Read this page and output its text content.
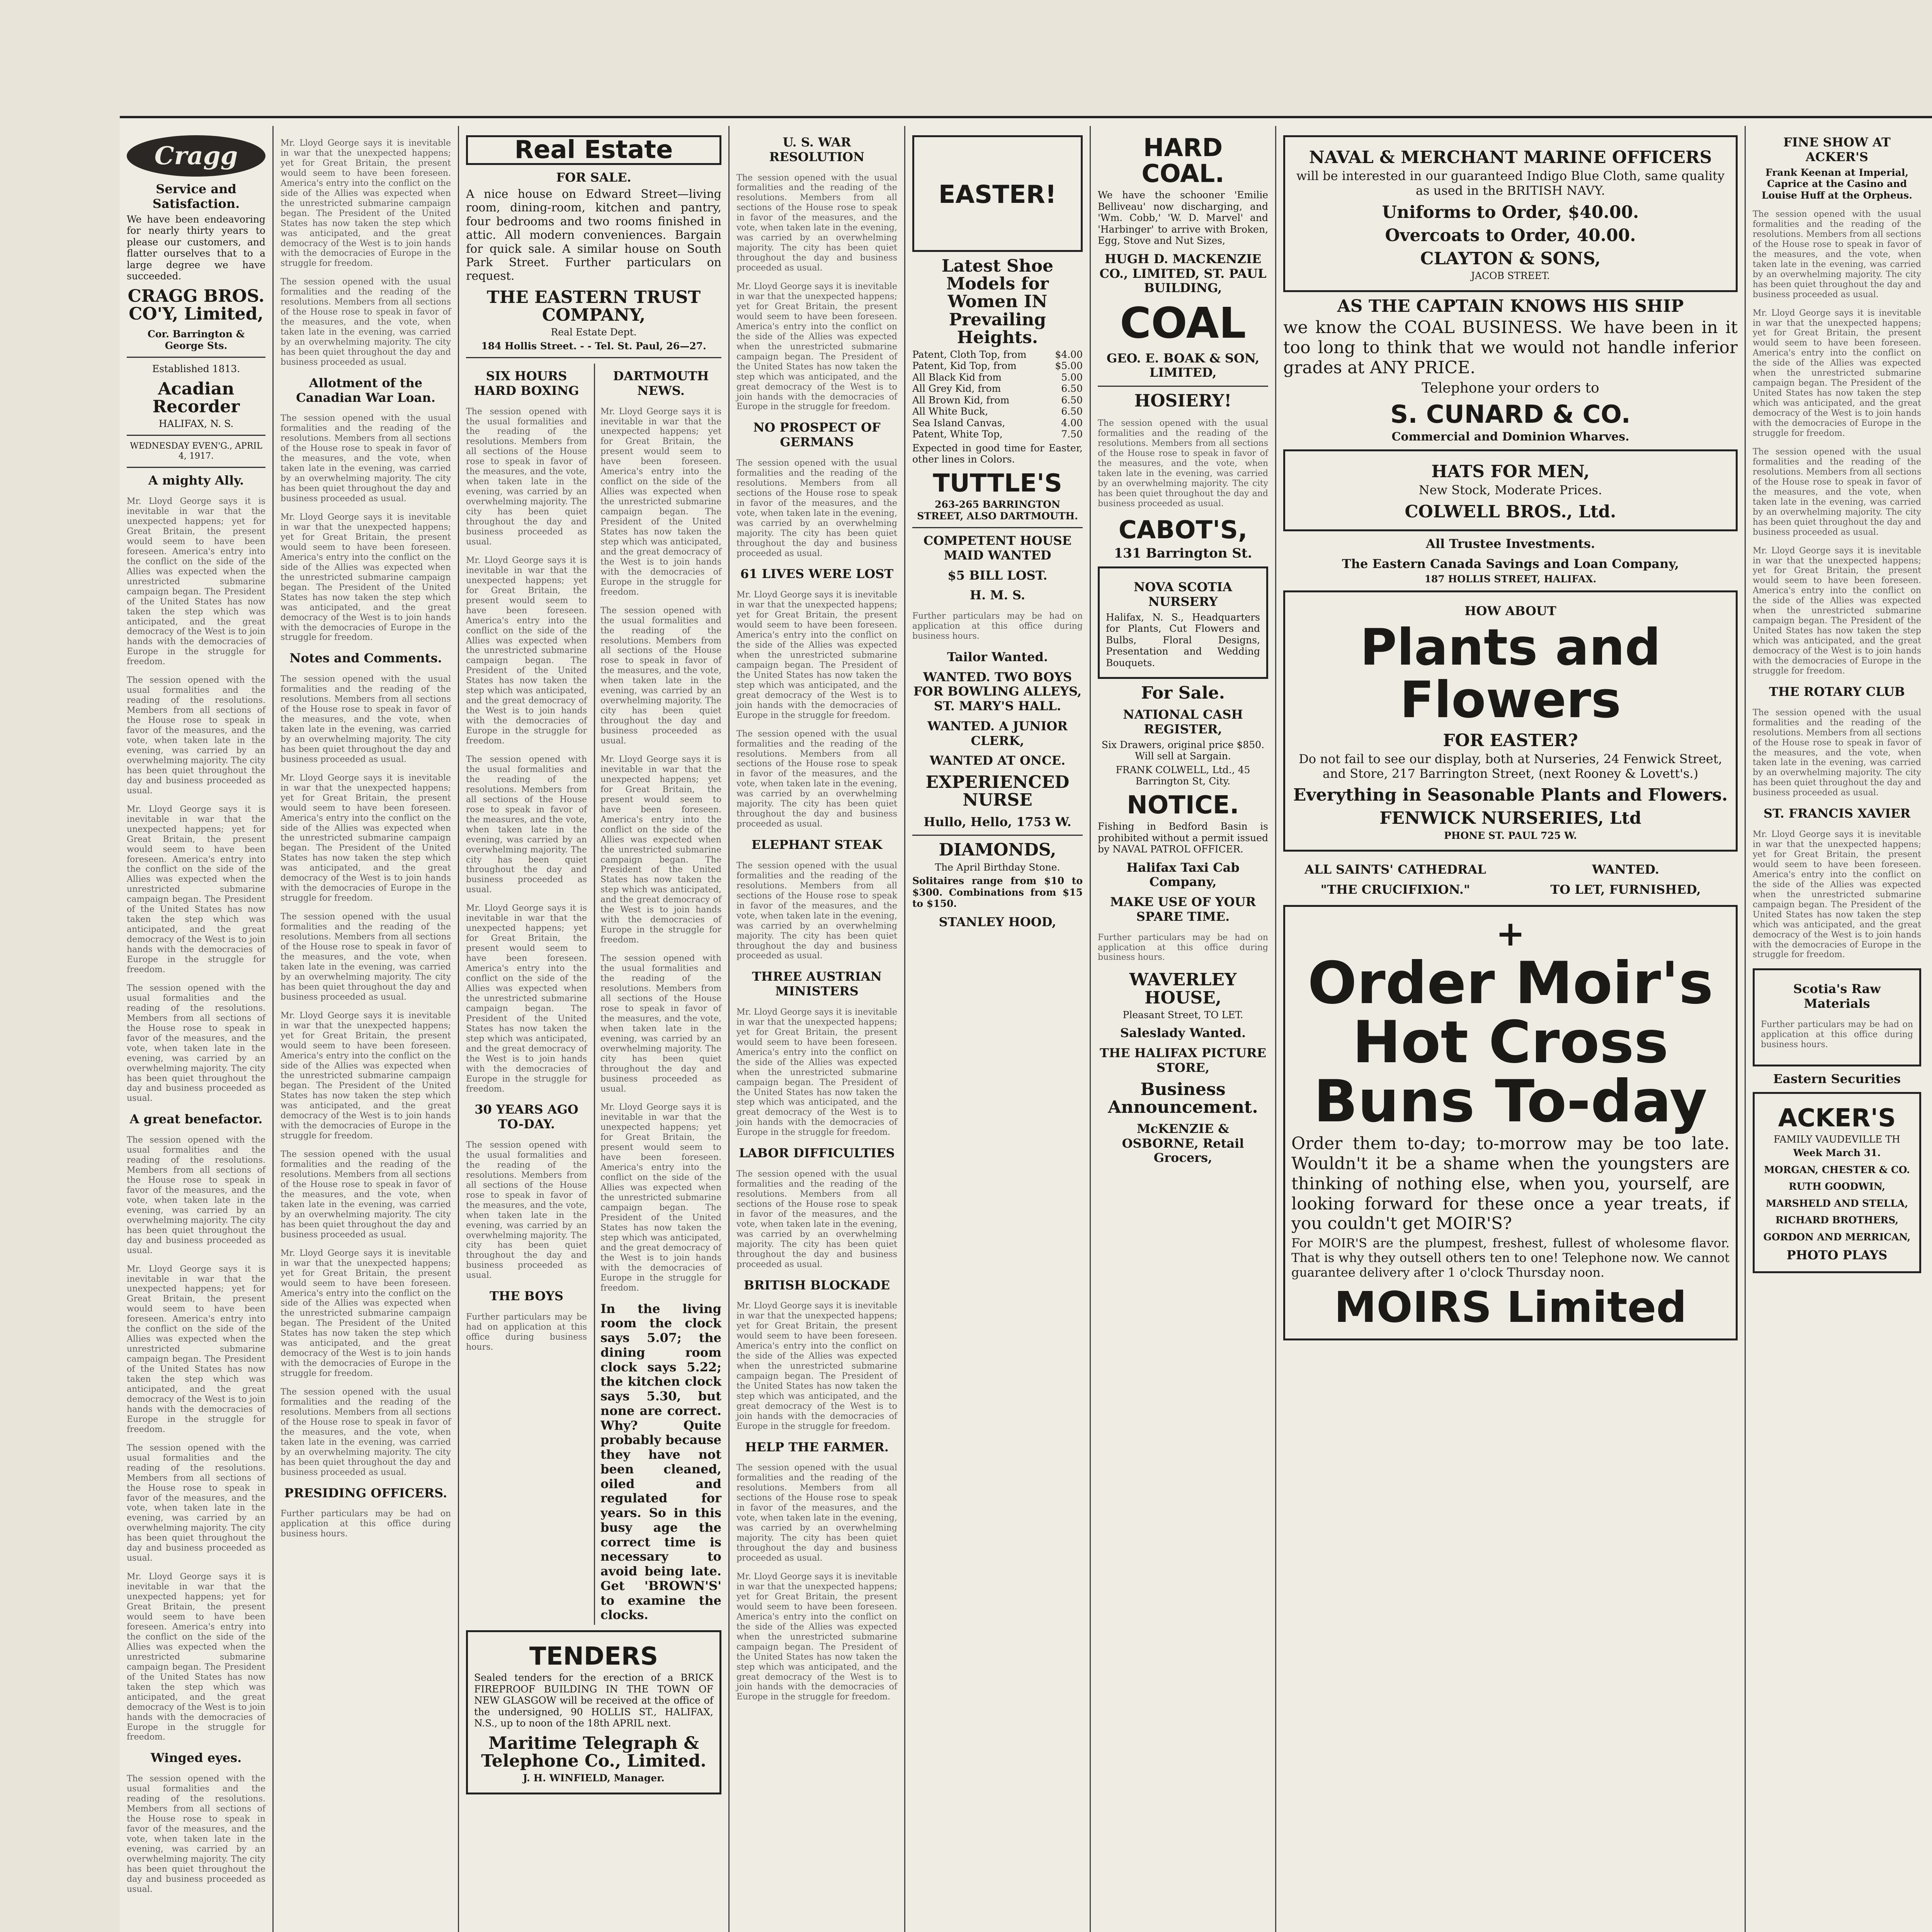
Cragg
Service and Satisfaction.

We have been endeavoring for nearly thirty years to please our customers, and flatter ourselves that to a large degree we have succeeded.

CRAGG BROS. CO'Y, Limited,
Cor. Barrington & George Sts.
Established 1813.
Acadian Recorder
HALIFAX, N. S.
WEDNESDAY EVEN'G., APRIL 4, 1917.
A mighty Ally.

Mr. Lloyd George says it is inevitable in war that the unexpected happens; yet for Great Britain, the present would seem to have been foreseen. America's entry into the conflict on the side of the Allies was expected when the unrestricted submarine campaign began. The President of the United States has now taken the step which was anticipated, and the great democracy of the West is to join hands with the democracies of Europe in the struggle for freedom.

The session opened with the usual formalities and the reading of the resolutions. Members from all sections of the House rose to speak in favor of the measures, and the vote, when taken late in the evening, was carried by an overwhelming majority. The city has been quiet throughout the day and business proceeded as usual.

Mr. Lloyd George says it is inevitable in war that the unexpected happens; yet for Great Britain, the present would seem to have been foreseen. America's entry into the conflict on the side of the Allies was expected when the unrestricted submarine campaign began. The President of the United States has now taken the step which was anticipated, and the great democracy of the West is to join hands with the democracies of Europe in the struggle for freedom.

The session opened with the usual formalities and the reading of the resolutions. Members from all sections of the House rose to speak in favor of the measures, and the vote, when taken late in the evening, was carried by an overwhelming majority. The city has been quiet throughout the day and business proceeded as usual.

A great benefactor.

The session opened with the usual formalities and the reading of the resolutions. Members from all sections of the House rose to speak in favor of the measures, and the vote, when taken late in the evening, was carried by an overwhelming majority. The city has been quiet throughout the day and business proceeded as usual.

Mr. Lloyd George says it is inevitable in war that the unexpected happens; yet for Great Britain, the present would seem to have been foreseen. America's entry into the conflict on the side of the Allies was expected when the unrestricted submarine campaign began. The President of the United States has now taken the step which was anticipated, and the great democracy of the West is to join hands with the democracies of Europe in the struggle for freedom.

The session opened with the usual formalities and the reading of the resolutions. Members from all sections of the House rose to speak in favor of the measures, and the vote, when taken late in the evening, was carried by an overwhelming majority. The city has been quiet throughout the day and business proceeded as usual.

Mr. Lloyd George says it is inevitable in war that the unexpected happens; yet for Great Britain, the present would seem to have been foreseen. America's entry into the conflict on the side of the Allies was expected when the unrestricted submarine campaign began. The President of the United States has now taken the step which was anticipated, and the great democracy of the West is to join hands with the democracies of Europe in the struggle for freedom.

Winged eyes.

The session opened with the usual formalities and the reading of the resolutions. Members from all sections of the House rose to speak in favor of the measures, and the vote, when taken late in the evening, was carried by an overwhelming majority. The city has been quiet throughout the day and business proceeded as usual.

Mr. Lloyd George says it is inevitable in war that the unexpected happens; yet for Great Britain, the present would seem to have been foreseen. America's entry into the conflict on the side of the Allies was expected when the unrestricted submarine campaign began. The President of the United States has now taken the step which was anticipated, and the great democracy of the West is to join hands with the democracies of Europe in the struggle for freedom.

The session opened with the usual formalities and the reading of the resolutions. Members from all sections of the House rose to speak in favor of the measures, and the vote, when taken late in the evening, was carried by an overwhelming majority. The city has been quiet throughout the day and business proceeded as usual.

Allotment of the Canadian War Loan.

The session opened with the usual formalities and the reading of the resolutions. Members from all sections of the House rose to speak in favor of the measures, and the vote, when taken late in the evening, was carried by an overwhelming majority. The city has been quiet throughout the day and business proceeded as usual.

Mr. Lloyd George says it is inevitable in war that the unexpected happens; yet for Great Britain, the present would seem to have been foreseen. America's entry into the conflict on the side of the Allies was expected when the unrestricted submarine campaign began. The President of the United States has now taken the step which was anticipated, and the great democracy of the West is to join hands with the democracies of Europe in the struggle for freedom.

Notes and Comments.

The session opened with the usual formalities and the reading of the resolutions. Members from all sections of the House rose to speak in favor of the measures, and the vote, when taken late in the evening, was carried by an overwhelming majority. The city has been quiet throughout the day and business proceeded as usual.

Mr. Lloyd George says it is inevitable in war that the unexpected happens; yet for Great Britain, the present would seem to have been foreseen. America's entry into the conflict on the side of the Allies was expected when the unrestricted submarine campaign began. The President of the United States has now taken the step which was anticipated, and the great democracy of the West is to join hands with the democracies of Europe in the struggle for freedom.

The session opened with the usual formalities and the reading of the resolutions. Members from all sections of the House rose to speak in favor of the measures, and the vote, when taken late in the evening, was carried by an overwhelming majority. The city has been quiet throughout the day and business proceeded as usual.

Mr. Lloyd George says it is inevitable in war that the unexpected happens; yet for Great Britain, the present would seem to have been foreseen. America's entry into the conflict on the side of the Allies was expected when the unrestricted submarine campaign began. The President of the United States has now taken the step which was anticipated, and the great democracy of the West is to join hands with the democracies of Europe in the struggle for freedom.

The session opened with the usual formalities and the reading of the resolutions. Members from all sections of the House rose to speak in favor of the measures, and the vote, when taken late in the evening, was carried by an overwhelming majority. The city has been quiet throughout the day and business proceeded as usual.

Mr. Lloyd George says it is inevitable in war that the unexpected happens; yet for Great Britain, the present would seem to have been foreseen. America's entry into the conflict on the side of the Allies was expected when the unrestricted submarine campaign began. The President of the United States has now taken the step which was anticipated, and the great democracy of the West is to join hands with the democracies of Europe in the struggle for freedom.

The session opened with the usual formalities and the reading of the resolutions. Members from all sections of the House rose to speak in favor of the measures, and the vote, when taken late in the evening, was carried by an overwhelming majority. The city has been quiet throughout the day and business proceeded as usual.

PRESIDING OFFICERS.

Further particulars may be had on application at this office during business hours.

Real Estate
FOR SALE.

A nice house on Edward Street—living room, dining-room, kitchen and pantry, four bedrooms and two rooms finished in attic. All modern conveniences. Bargain for quick sale. A similar house on South Park Street. Further particulars on request.

THE EASTERN TRUST COMPANY,
Real Estate Dept.
184 Hollis Street. - - Tel. St. Paul, 26—27.
SIX HOURS HARD BOXING

The session opened with the usual formalities and the reading of the resolutions. Members from all sections of the House rose to speak in favor of the measures, and the vote, when taken late in the evening, was carried by an overwhelming majority. The city has been quiet throughout the day and business proceeded as usual.

Mr. Lloyd George says it is inevitable in war that the unexpected happens; yet for Great Britain, the present would seem to have been foreseen. America's entry into the conflict on the side of the Allies was expected when the unrestricted submarine campaign began. The President of the United States has now taken the step which was anticipated, and the great democracy of the West is to join hands with the democracies of Europe in the struggle for freedom.

The session opened with the usual formalities and the reading of the resolutions. Members from all sections of the House rose to speak in favor of the measures, and the vote, when taken late in the evening, was carried by an overwhelming majority. The city has been quiet throughout the day and business proceeded as usual.

Mr. Lloyd George says it is inevitable in war that the unexpected happens; yet for Great Britain, the present would seem to have been foreseen. America's entry into the conflict on the side of the Allies was expected when the unrestricted submarine campaign began. The President of the United States has now taken the step which was anticipated, and the great democracy of the West is to join hands with the democracies of Europe in the struggle for freedom.

30 YEARS AGO TO-DAY.

The session opened with the usual formalities and the reading of the resolutions. Members from all sections of the House rose to speak in favor of the measures, and the vote, when taken late in the evening, was carried by an overwhelming majority. The city has been quiet throughout the day and business proceeded as usual.

THE BOYS

Further particulars may be had on application at this office during business hours.

DARTMOUTH NEWS.

Mr. Lloyd George says it is inevitable in war that the unexpected happens; yet for Great Britain, the present would seem to have been foreseen. America's entry into the conflict on the side of the Allies was expected when the unrestricted submarine campaign began. The President of the United States has now taken the step which was anticipated, and the great democracy of the West is to join hands with the democracies of Europe in the struggle for freedom.

The session opened with the usual formalities and the reading of the resolutions. Members from all sections of the House rose to speak in favor of the measures, and the vote, when taken late in the evening, was carried by an overwhelming majority. The city has been quiet throughout the day and business proceeded as usual.

Mr. Lloyd George says it is inevitable in war that the unexpected happens; yet for Great Britain, the present would seem to have been foreseen. America's entry into the conflict on the side of the Allies was expected when the unrestricted submarine campaign began. The President of the United States has now taken the step which was anticipated, and the great democracy of the West is to join hands with the democracies of Europe in the struggle for freedom.

The session opened with the usual formalities and the reading of the resolutions. Members from all sections of the House rose to speak in favor of the measures, and the vote, when taken late in the evening, was carried by an overwhelming majority. The city has been quiet throughout the day and business proceeded as usual.

Mr. Lloyd George says it is inevitable in war that the unexpected happens; yet for Great Britain, the present would seem to have been foreseen. America's entry into the conflict on the side of the Allies was expected when the unrestricted submarine campaign began. The President of the United States has now taken the step which was anticipated, and the great democracy of the West is to join hands with the democracies of Europe in the struggle for freedom.

In the living room the clock says 5.07; the dining room clock says 5.22; the kitchen clock says 5.30, but none are correct. Why? Quite probably because they have not been cleaned, oiled and regulated for years. So in this busy age the correct time is necessary to avoid being late. Get 'BROWN'S' to examine the clocks.

TENDERS

Sealed tenders for the erection of a BRICK FIREPROOF BUILDING IN THE TOWN OF NEW GLASGOW will be received at the office of the undersigned, 90 HOLLIS ST., HALIFAX, N.S., up to noon of the 18th APRIL next.

Maritime Telegraph & Telephone Co., Limited.
J. H. WINFIELD, Manager.
U. S. WAR RESOLUTION

The session opened with the usual formalities and the reading of the resolutions. Members from all sections of the House rose to speak in favor of the measures, and the vote, when taken late in the evening, was carried by an overwhelming majority. The city has been quiet throughout the day and business proceeded as usual.

Mr. Lloyd George says it is inevitable in war that the unexpected happens; yet for Great Britain, the present would seem to have been foreseen. America's entry into the conflict on the side of the Allies was expected when the unrestricted submarine campaign began. The President of the United States has now taken the step which was anticipated, and the great democracy of the West is to join hands with the democracies of Europe in the struggle for freedom.

NO PROSPECT OF GERMANS

The session opened with the usual formalities and the reading of the resolutions. Members from all sections of the House rose to speak in favor of the measures, and the vote, when taken late in the evening, was carried by an overwhelming majority. The city has been quiet throughout the day and business proceeded as usual.

61 LIVES WERE LOST

Mr. Lloyd George says it is inevitable in war that the unexpected happens; yet for Great Britain, the present would seem to have been foreseen. America's entry into the conflict on the side of the Allies was expected when the unrestricted submarine campaign began. The President of the United States has now taken the step which was anticipated, and the great democracy of the West is to join hands with the democracies of Europe in the struggle for freedom.

The session opened with the usual formalities and the reading of the resolutions. Members from all sections of the House rose to speak in favor of the measures, and the vote, when taken late in the evening, was carried by an overwhelming majority. The city has been quiet throughout the day and business proceeded as usual.

ELEPHANT STEAK

The session opened with the usual formalities and the reading of the resolutions. Members from all sections of the House rose to speak in favor of the measures, and the vote, when taken late in the evening, was carried by an overwhelming majority. The city has been quiet throughout the day and business proceeded as usual.

THREE AUSTRIAN MINISTERS

Mr. Lloyd George says it is inevitable in war that the unexpected happens; yet for Great Britain, the present would seem to have been foreseen. America's entry into the conflict on the side of the Allies was expected when the unrestricted submarine campaign began. The President of the United States has now taken the step which was anticipated, and the great democracy of the West is to join hands with the democracies of Europe in the struggle for freedom.

LABOR DIFFICULTIES

The session opened with the usual formalities and the reading of the resolutions. Members from all sections of the House rose to speak in favor of the measures, and the vote, when taken late in the evening, was carried by an overwhelming majority. The city has been quiet throughout the day and business proceeded as usual.

BRITISH BLOCKADE

Mr. Lloyd George says it is inevitable in war that the unexpected happens; yet for Great Britain, the present would seem to have been foreseen. America's entry into the conflict on the side of the Allies was expected when the unrestricted submarine campaign began. The President of the United States has now taken the step which was anticipated, and the great democracy of the West is to join hands with the democracies of Europe in the struggle for freedom.

HELP THE FARMER.

The session opened with the usual formalities and the reading of the resolutions. Members from all sections of the House rose to speak in favor of the measures, and the vote, when taken late in the evening, was carried by an overwhelming majority. The city has been quiet throughout the day and business proceeded as usual.

Mr. Lloyd George says it is inevitable in war that the unexpected happens; yet for Great Britain, the present would seem to have been foreseen. America's entry into the conflict on the side of the Allies was expected when the unrestricted submarine campaign began. The President of the United States has now taken the step which was anticipated, and the great democracy of the West is to join hands with the democracies of Europe in the struggle for freedom.

EASTER!
Latest Shoe Models for Women IN Prevailing Heights.
Patent, Cloth Top, from	$4.00
Patent, Kid Top, from	$5.00
All Black Kid from	5.00
All Grey Kid, from	6.50
All Brown Kid, from	6.50
All White Buck,	6.50
Sea Island Canvas,	4.00
Patent, White Top,	7.50

Expected in good time for Easter, other lines in Colors.

TUTTLE'S
263-265 BARRINGTON STREET, ALSO DARTMOUTH.
COMPETENT HOUSE MAID WANTED
$5 BILL LOST.
H. M. S.

Further particulars may be had on application at this office during business hours.

Tailor Wanted.
WANTED. TWO BOYS FOR BOWLING ALLEYS, ST. MARY'S HALL.
WANTED. A JUNIOR CLERK,
WANTED AT ONCE.
EXPERIENCED NURSE
Hullo, Hello, 1753 W.
DIAMONDS,
The April Birthday Stone.

Solitaires range from $10 to $300. Combinations from $15 to $150.

STANLEY HOOD,
HARD COAL.

We have the schooner 'Emilie Belliveau' now discharging, and 'Wm. Cobb,' 'W. D. Marvel' and 'Harbinger' to arrive with Broken, Egg, Stove and Nut Sizes,

HUGH D. MACKENZIE CO., LIMITED, ST. PAUL BUILDING,
COAL
GEO. E. BOAK & SON, LIMITED,
HOSIERY!

The session opened with the usual formalities and the reading of the resolutions. Members from all sections of the House rose to speak in favor of the measures, and the vote, when taken late in the evening, was carried by an overwhelming majority. The city has been quiet throughout the day and business proceeded as usual.

CABOT'S,
131 Barrington St.
NOVA SCOTIA NURSERY

Halifax, N. S., Headquarters for Plants, Cut Flowers and Bulbs, Floral Designs, Presentation and Wedding Bouquets.

For Sale.
NATIONAL CASH REGISTER,

Six Drawers, original price $850. Will sell at Sargain.

FRANK COLWELL, Ltd., 45 Barrington St, City.
NOTICE.

Fishing in Bedford Basin is prohibited without a permit issued by NAVAL PATROL OFFICER.

Halifax Taxi Cab Company,
MAKE USE OF YOUR SPARE TIME.

Further particulars may be had on application at this office during business hours.

WAVERLEY HOUSE,
Pleasant Street, TO LET.
Saleslady Wanted.
THE HALIFAX PICTURE STORE,
Business Announcement.
McKENZIE & OSBORNE, Retail Grocers,
NAVAL & MERCHANT MARINE OFFICERS

will be interested in our guaranteed Indigo Blue Cloth, same quality as used in the BRITISH NAVY.

Uniforms to Order, $40.00.
Overcoats to Order, 40.00.
CLAYTON & SONS,
JACOB STREET.
AS THE CAPTAIN KNOWS HIS SHIP

we know the COAL BUSINESS. We have been in it too long to think that we would not handle inferior grades at ANY PRICE.

Telephone your orders to
S. CUNARD & CO.
Commercial and Dominion Wharves.
HATS FOR MEN,
New Stock, Moderate Prices.
COLWELL BROS., Ltd.
All Trustee Investments.
The Eastern Canada Savings and Loan Company,
187 HOLLIS STREET, HALIFAX.
HOW ABOUT
Plants and Flowers
FOR EASTER?

Do not fail to see our display, both at Nurseries, 24 Fenwick Street, and Store, 217 Barrington Street, (next Rooney & Lovett's.)

Everything in Seasonable Plants and Flowers.
FENWICK NURSERIES, Ltd
PHONE ST. PAUL 725 W.
ALL SAINTS' CATHEDRAL
"THE CRUCIFIXION."
WANTED.
TO LET, FURNISHED,
+
Order Moir's Hot Cross Buns To-day

Order them to-day; to-morrow may be too late. Wouldn't it be a shame when the youngsters are thinking of nothing else, when you, yourself, are looking forward for these once a year treats, if you couldn't get MOIR'S?

For MOIR'S are the plumpest, freshest, fullest of wholesome flavor. That is why they outsell others ten to one! Telephone now. We cannot guarantee delivery after 1 o'clock Thursday noon.

MOIRS Limited
FINE SHOW AT ACKER'S
Frank Keenan at Imperial, Caprice at the Casino and Louise Huff at the Orpheus.

The session opened with the usual formalities and the reading of the resolutions. Members from all sections of the House rose to speak in favor of the measures, and the vote, when taken late in the evening, was carried by an overwhelming majority. The city has been quiet throughout the day and business proceeded as usual.

Mr. Lloyd George says it is inevitable in war that the unexpected happens; yet for Great Britain, the present would seem to have been foreseen. America's entry into the conflict on the side of the Allies was expected when the unrestricted submarine campaign began. The President of the United States has now taken the step which was anticipated, and the great democracy of the West is to join hands with the democracies of Europe in the struggle for freedom.

The session opened with the usual formalities and the reading of the resolutions. Members from all sections of the House rose to speak in favor of the measures, and the vote, when taken late in the evening, was carried by an overwhelming majority. The city has been quiet throughout the day and business proceeded as usual.

Mr. Lloyd George says it is inevitable in war that the unexpected happens; yet for Great Britain, the present would seem to have been foreseen. America's entry into the conflict on the side of the Allies was expected when the unrestricted submarine campaign began. The President of the United States has now taken the step which was anticipated, and the great democracy of the West is to join hands with the democracies of Europe in the struggle for freedom.

THE ROTARY CLUB

The session opened with the usual formalities and the reading of the resolutions. Members from all sections of the House rose to speak in favor of the measures, and the vote, when taken late in the evening, was carried by an overwhelming majority. The city has been quiet throughout the day and business proceeded as usual.

ST. FRANCIS XAVIER

Mr. Lloyd George says it is inevitable in war that the unexpected happens; yet for Great Britain, the present would seem to have been foreseen. America's entry into the conflict on the side of the Allies was expected when the unrestricted submarine campaign began. The President of the United States has now taken the step which was anticipated, and the great democracy of the West is to join hands with the democracies of Europe in the struggle for freedom.

Scotia's Raw Materials

Further particulars may be had on application at this office during business hours.

Eastern Securities
ACKER'S
FAMILY VAUDEVILLE TH
Week March 31.
MORGAN, CHESTER & CO.
RUTH GOODWIN,
MARSHELD AND STELLA,
RICHARD BROTHERS,
GORDON AND MERRICAN,
PHOTO PLAYS
